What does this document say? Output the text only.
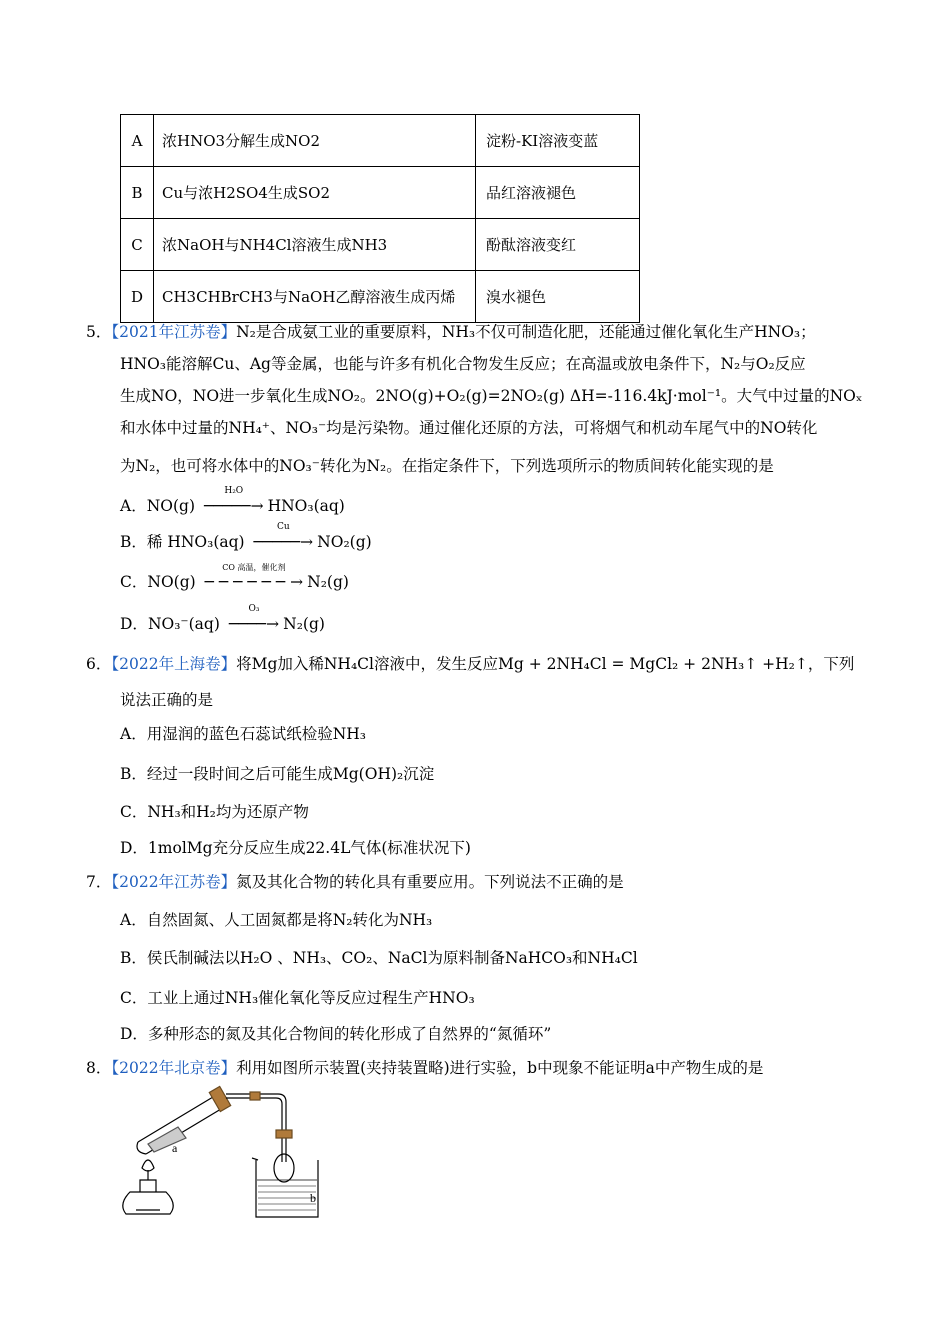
A	浓HNO3分解生成NO2	淀粉-KI溶液变蓝
B	Cu与浓H2SO4生成SO2	品红溶液褪色
C	浓NaOH与NH4Cl溶液生成NH3	酚酞溶液变红
D	CH3CHBrCH3与NaOH乙醇溶液生成丙烯	溴水褪色
5．【2021年江苏卷】N₂是合成氨工业的重要原料，NH₃不仅可制造化肥，还能通过催化氧化生产HNO₃；
HNO₃能溶解Cu、Ag等金属，也能与许多有机化合物发生反应；在高温或放电条件下，N₂与O₂反应
生成NO，NO进一步氧化生成NO₂。2NO(g)+O₂(g)=2NO₂(g) ΔH=-116.4kJ·mol⁻¹。大气中过量的NOₓ
和水体中过量的NH₄⁺、NO₃⁻均是污染物。通过催化还原的方法，可将烟气和机动车尾气中的NO转化
为N₂，也可将水体中的NO₃⁻转化为N₂。在指定条件下，下列选项所示的物质间转化能实现的是
A．NO(g)
H₂O
─────→ HNO₃(aq)
B．稀 HNO₃(aq)
Cu
─────→ NO₂(g)
C．NO(g)
CO 高温，催化剂
─ ─ ─ ─ ─ ─ → N₂(g)
D．NO₃⁻(aq)
O₃
────→ N₂(g)
6．【2022年上海卷】将Mg加入稀NH₄Cl溶液中，发生反应Mg + 2NH₄Cl = MgCl₂ + 2NH₃↑ +H₂↑，下列
说法正确的是
A．用湿润的蓝色石蕊试纸检验NH₃
B．经过一段时间之后可能生成Mg(OH)₂沉淀
C．NH₃和H₂均为还原产物
D．1molMg充分反应生成22.4L气体(标准状况下)
7．【2022年江苏卷】氮及其化合物的转化具有重要应用。下列说法不正确的是
A．自然固氮、人工固氮都是将N₂转化为NH₃
B．侯氏制碱法以H₂O 、NH₃、CO₂、NaCl为原料制备NaHCO₃和NH₄Cl
C．工业上通过NH₃催化氧化等反应过程生产HNO₃
D．多种形态的氮及其化合物间的转化形成了自然界的“氮循环”
8．【2022年北京卷】利用如图所示装置(夹持装置略)进行实验，b中现象不能证明a中产物生成的是
a
b
